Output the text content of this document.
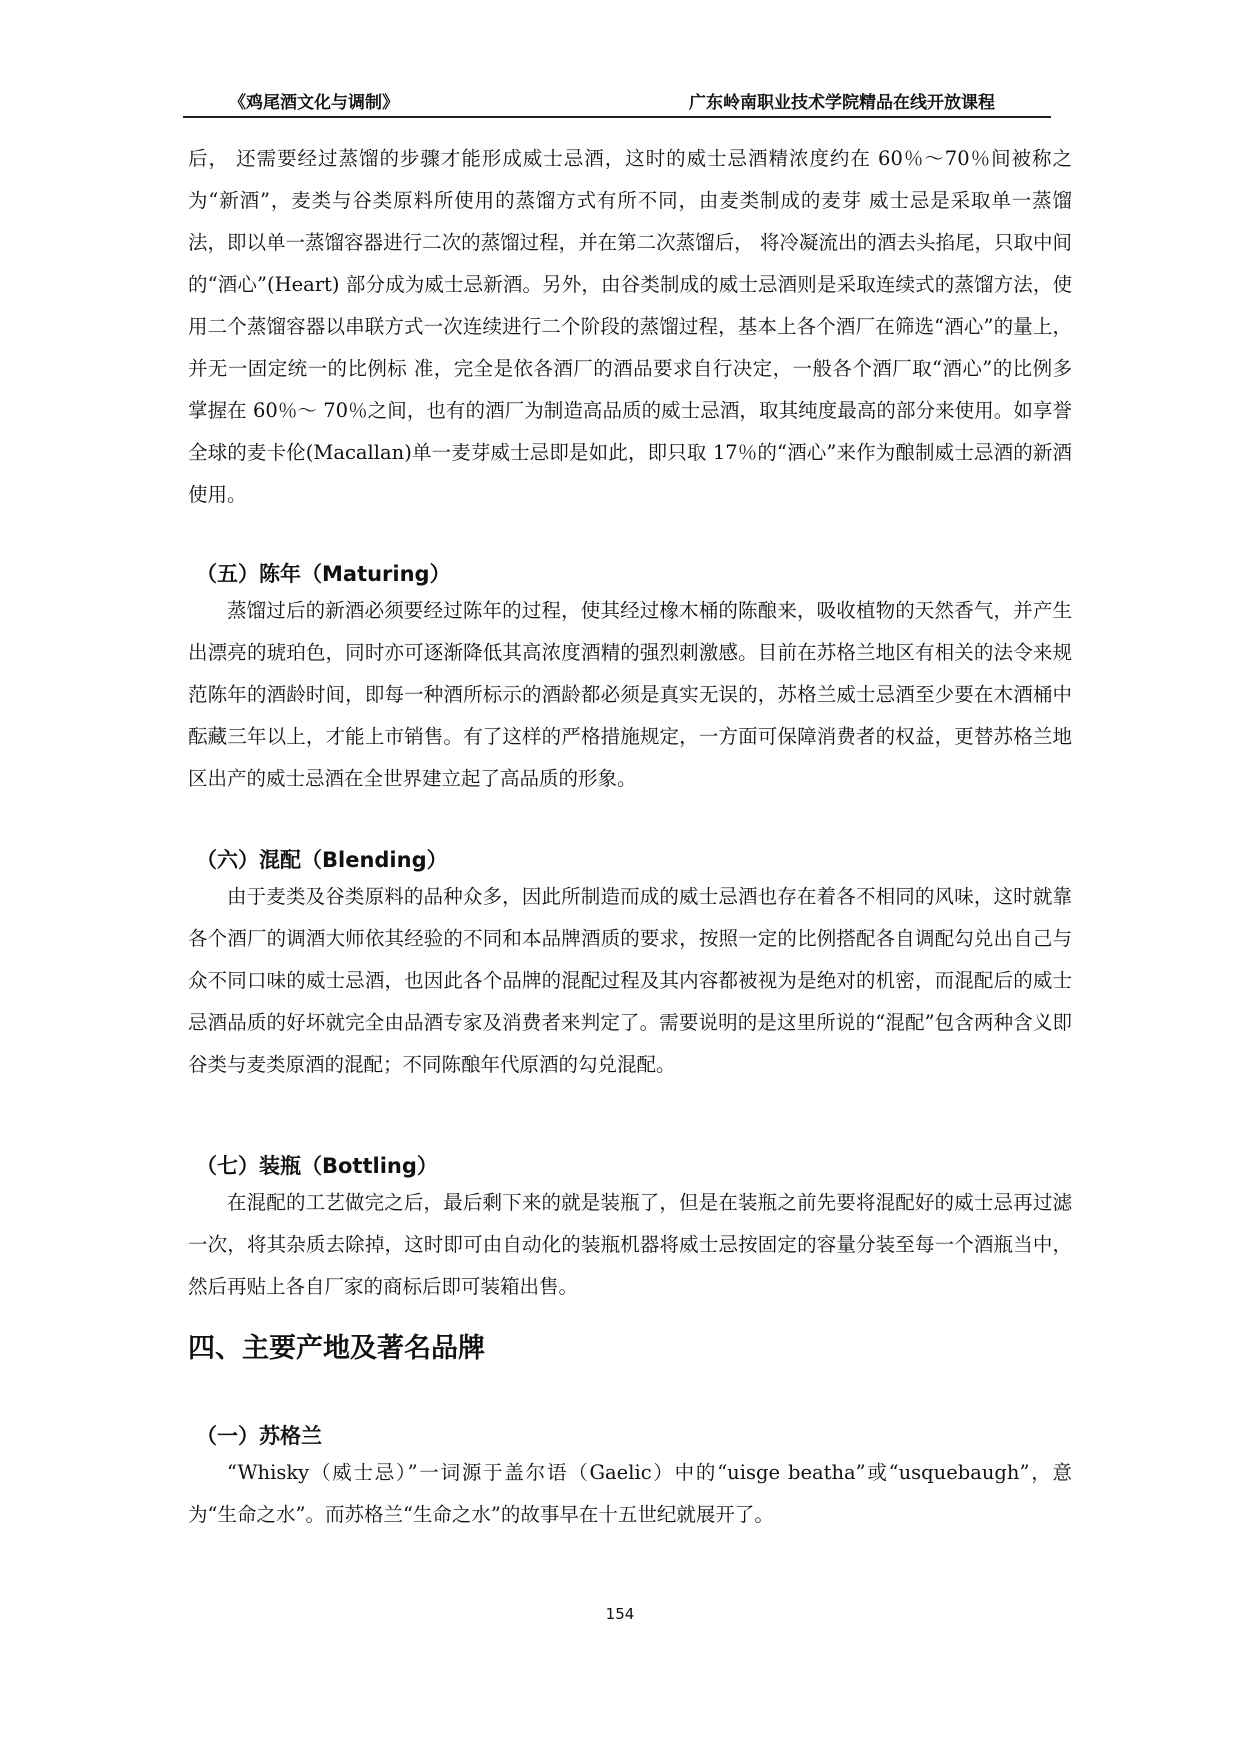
《鸡尾酒文化与调制》	广东岭南职业技术学院精品在线开放课程

后， 还需要经过蒸馏的步骤才能形成威士忌酒，这时的威士忌酒精浓度约在 60％～70％间被称之为“新酒”，麦类与谷类原料所使用的蒸馏方式有所不同，由麦类制成的麦芽 威士忌是采取单一蒸馏法，即以单一蒸馏容器进行二次的蒸馏过程，并在第二次蒸馏后， 将冷凝流出的酒去头掐尾，只取中间的“酒心”(Heart) 部分成为威士忌新酒。另外，由谷类制成的威士忌酒则是采取连续式的蒸馏方法，使用二个蒸馏容器以串联方式一次连续进行二个阶段的蒸馏过程，基本上各个酒厂在筛选“酒心”的量上，并无一固定统一的比例标 准，完全是依各酒厂的酒品要求自行决定，一般各个酒厂取“酒心”的比例多掌握在 60％～ 70％之间，也有的酒厂为制造高品质的威士忌酒，取其纯度最高的部分来使用。如享誉全球的麦卡伦(Macallan)单一麦芽威士忌即是如此，即只取 17％的“酒心”来作为酿制威士忌酒的新酒使用。

（五）陈年（Maturing）

蒸馏过后的新酒必须要经过陈年的过程，使其经过橡木桶的陈酿来，吸收植物的天然香气，并产生出漂亮的琥珀色，同时亦可逐渐降低其高浓度酒精的强烈刺激感。目前在苏格兰地区有相关的法令来规范陈年的酒龄时间，即每一种酒所标示的酒龄都必须是真实无误的，苏格兰威士忌酒至少要在木酒桶中酝藏三年以上，才能上市销售。有了这样的严格措施规定，一方面可保障消费者的权益，更替苏格兰地区出产的威士忌酒在全世界建立起了高品质的形象。

（六）混配（Blending）

由于麦类及谷类原料的品种众多，因此所制造而成的威士忌酒也存在着各不相同的风味，这时就靠各个酒厂的调酒大师依其经验的不同和本品牌酒质的要求，按照一定的比例搭配各自调配勾兑出自己与众不同口味的威士忌酒，也因此各个品牌的混配过程及其内容都被视为是绝对的机密，而混配后的威士忌酒品质的好坏就完全由品酒专家及消费者来判定了。需要说明的是这里所说的“混配”包含两种含义即谷类与麦类原酒的混配；不同陈酿年代原酒的勾兑混配。

（七）装瓶（Bottling）

在混配的工艺做完之后，最后剩下来的就是装瓶了，但是在装瓶之前先要将混配好的威士忌再过滤一次，将其杂质去除掉，这时即可由自动化的装瓶机器将威士忌按固定的容量分装至每一个酒瓶当中，然后再贴上各自厂家的商标后即可装箱出售。

四、主要产地及著名品牌
（一）苏格兰

“Whisky（威士忌）”一词源于盖尔语（Gaelic）中的“uisge beatha”或“usquebaugh”，意为“生命之水”。而苏格兰“生命之水”的故事早在十五世纪就展开了。

154
